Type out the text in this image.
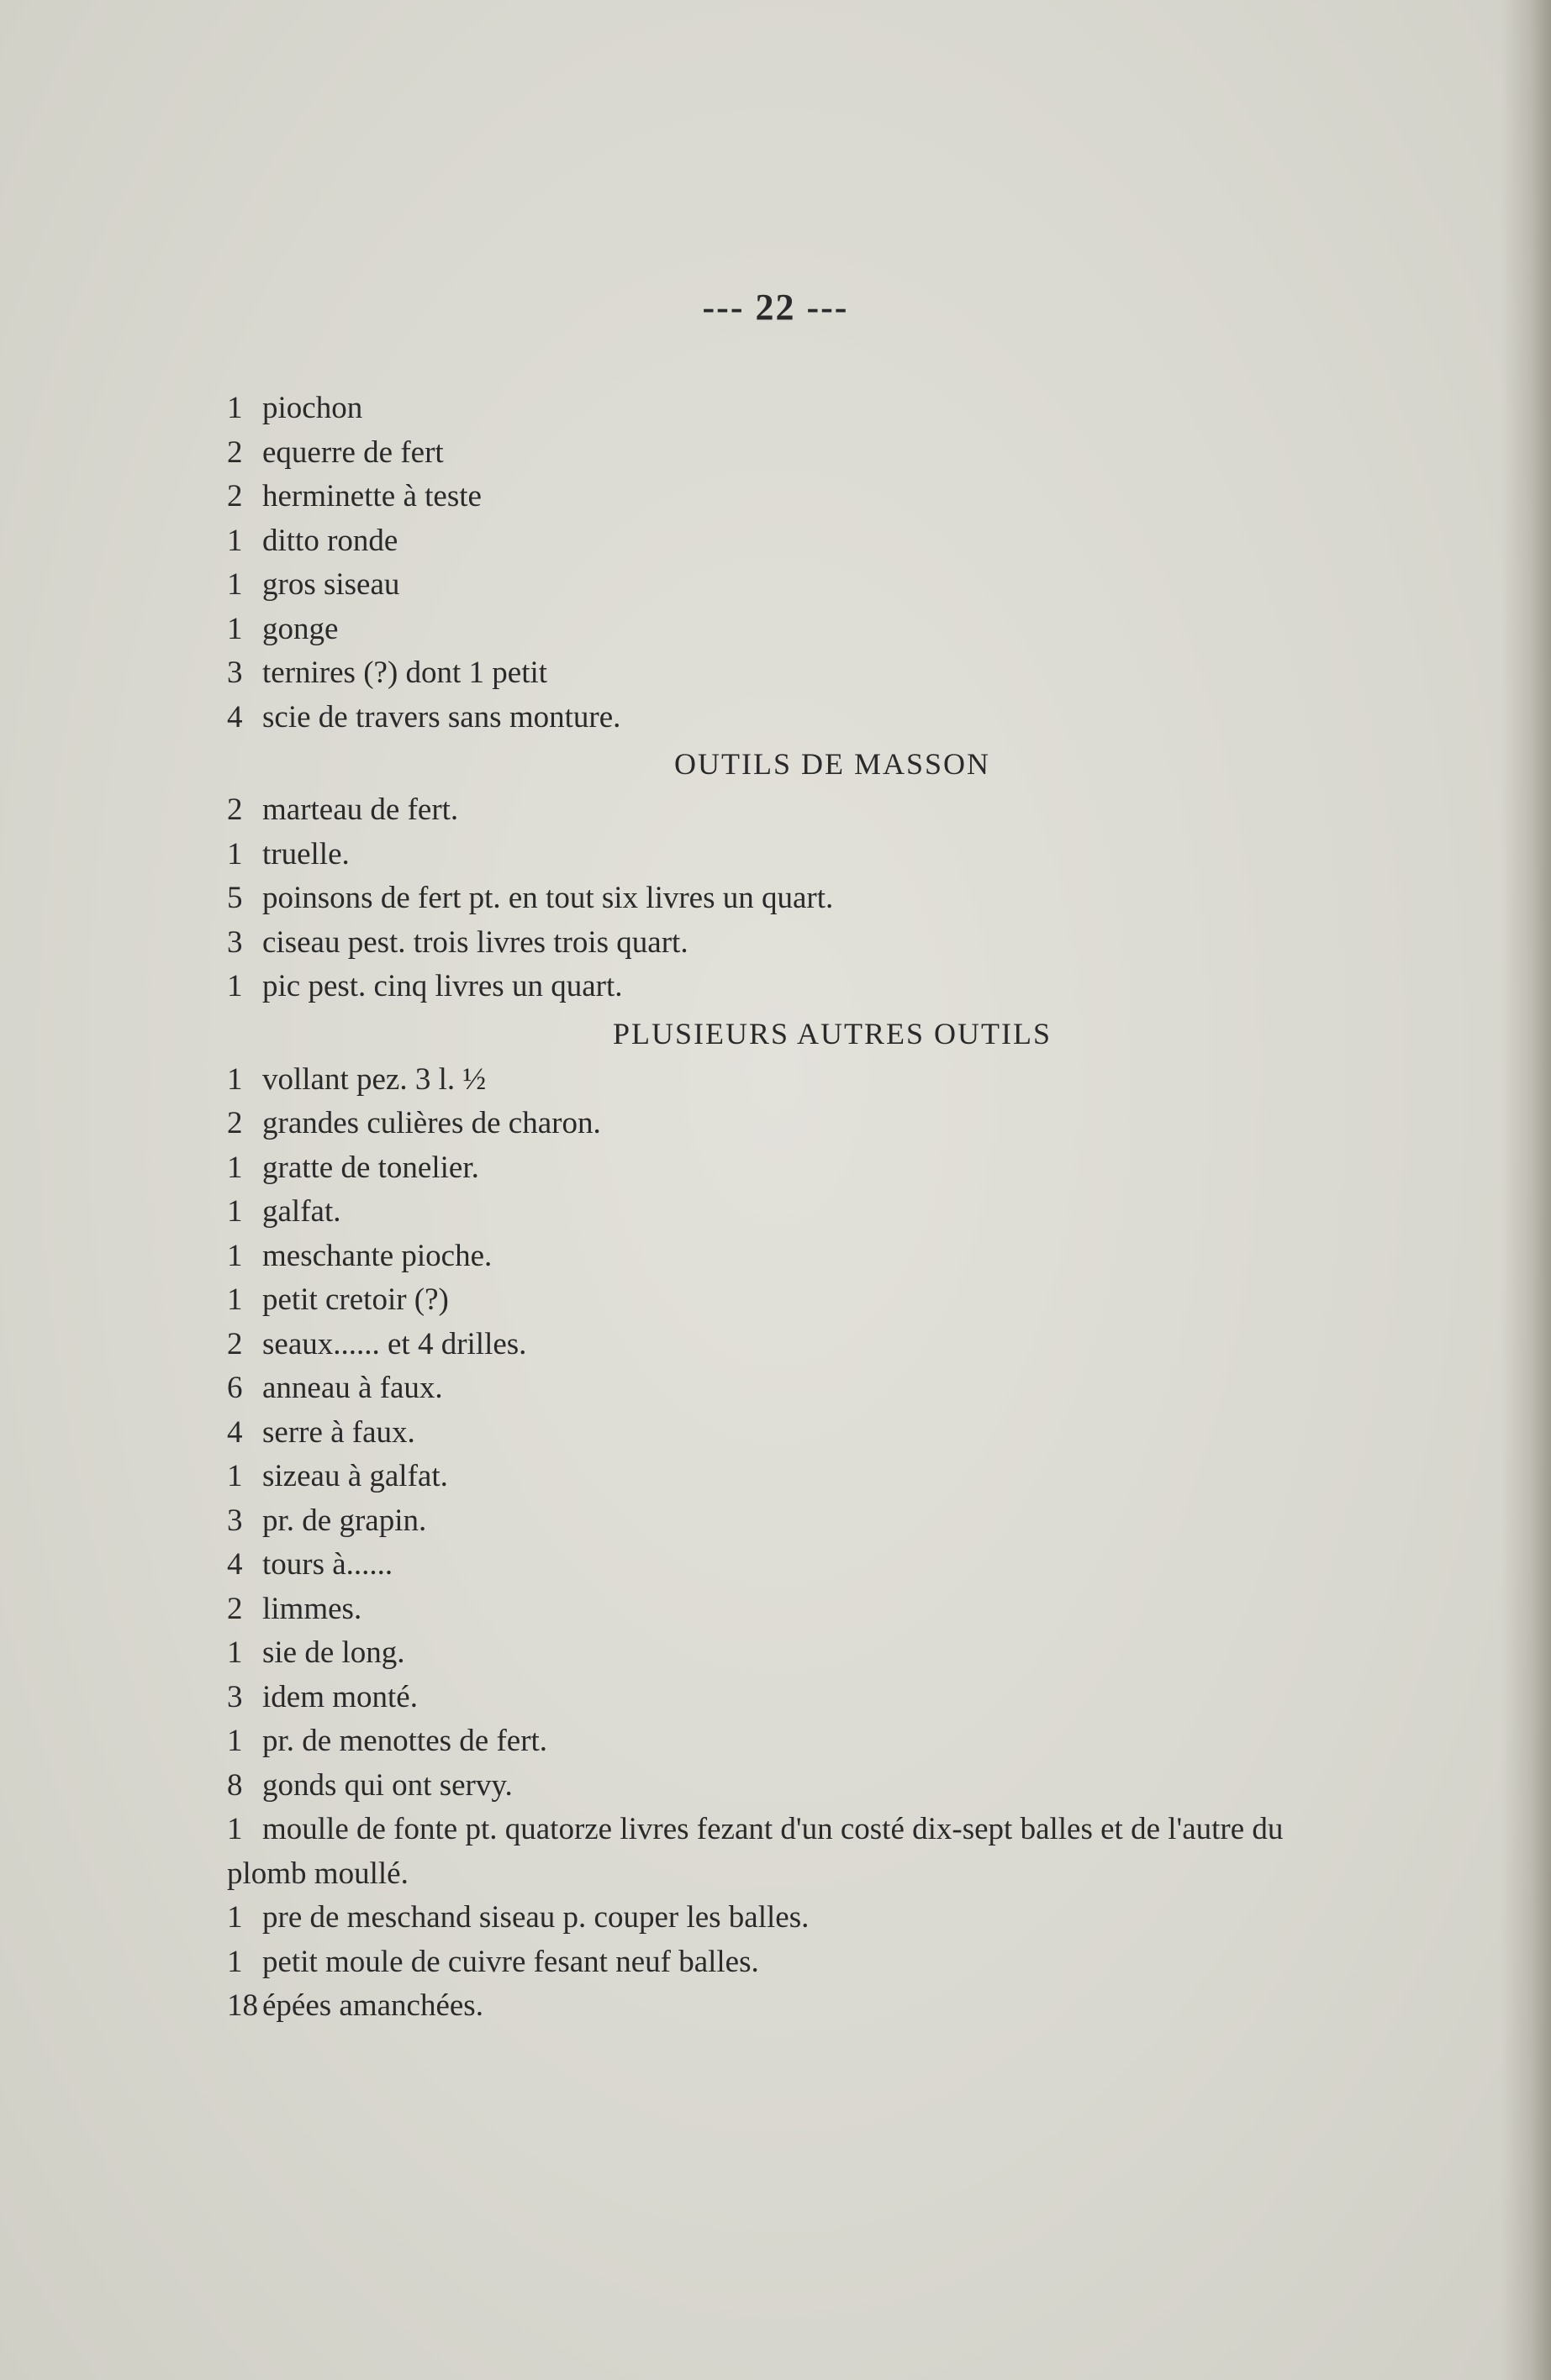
--- 22 ---
1 piochon
2 equerre de fert
2 herminette à teste
1 ditto ronde
1 gros siseau
1 gonge
3 ternires (?) dont 1 petit
4 scie de travers sans monture.
OUTILS DE MASSON
2 marteau de fert.
1 truelle.
5 poinsons de fert pt. en tout six livres un quart.
3 ciseau pest. trois livres trois quart.
1 pic pest. cinq livres un quart.
PLUSIEURS AUTRES OUTILS
1 vollant pez. 3 l. ½
2 grandes culières de charon.
1 gratte de tonelier.
1 galfat.
1 meschante pioche.
1 petit cretoir (?)
2 seaux...... et 4 drilles.
6 anneau à faux.
4 serre à faux.
1 sizeau à galfat.
3 pr. de grapin.
4 tours à......
2 limmes.
1 sie de long.
3 idem monté.
1 pr. de menottes de fert.
8 gonds qui ont servy.
1 moulle de fonte pt. quatorze livres fezant d'un costé dix-sept balles et de l'autre du plomb moullé.
1 pre de meschand siseau p. couper les balles.
1 petit moule de cuivre fesant neuf balles.
18 épées amanchées.
